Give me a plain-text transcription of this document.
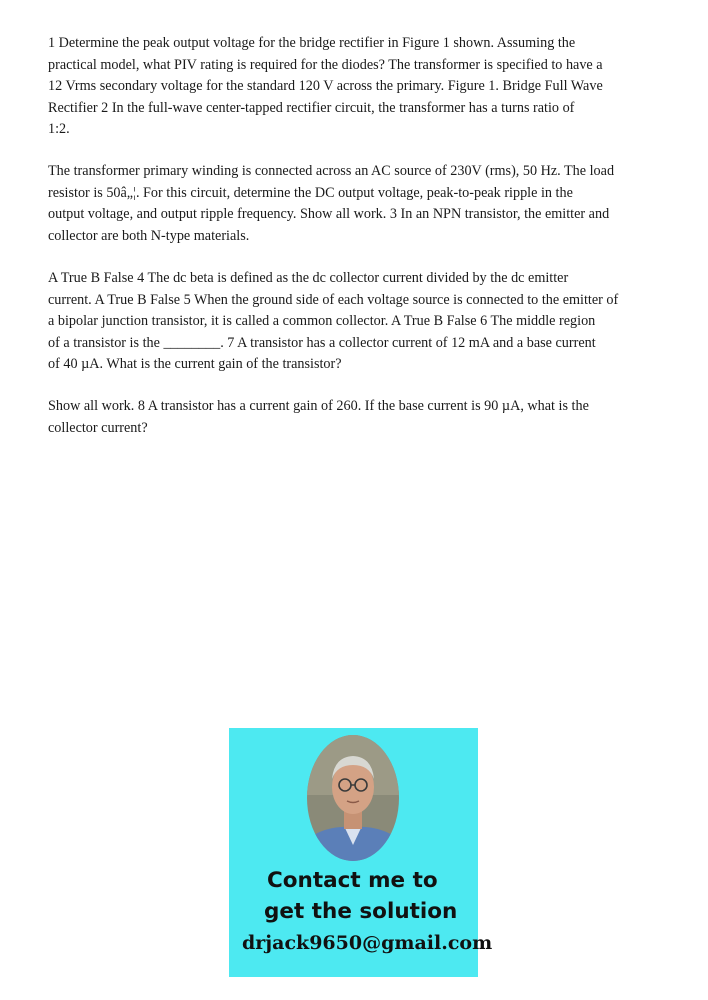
1 Determine the peak output voltage for the bridge rectifier in Figure 1 shown. Assuming the
practical model, what PIV rating is required for the diodes? The transformer is specified to have a
12 Vrms secondary voltage for the standard 120 V across the primary. Figure 1. Bridge Full Wave
Rectifier 2 In the full-wave center-tapped rectifier circuit, the transformer has a turns ratio of
1:2.

The transformer primary winding is connected across an AC source of 230V (rms), 50 Hz. The load
resistor is 50â„¦. For this circuit, determine the DC output voltage, peak-to-peak ripple in the
output voltage, and output ripple frequency. Show all work. 3 In an NPN transistor, the emitter and
collector are both N-type materials.

A True B False 4 The dc beta is defined as the dc collector current divided by the dc emitter
current. A True B False 5 When the ground side of each voltage source is connected to the emitter of
a bipolar junction transistor, it is called a common collector. A True B False 6 The middle region
of a transistor is the ________. 7 A transistor has a collector current of 12 mA and a base current
of 40 µA. What is the current gain of the transistor?

Show all work. 8 A transistor has a current gain of 260. If the base current is 90 µA, what is the
collector current?

Contact me to
get the solution
drjack9650@gmail.com
